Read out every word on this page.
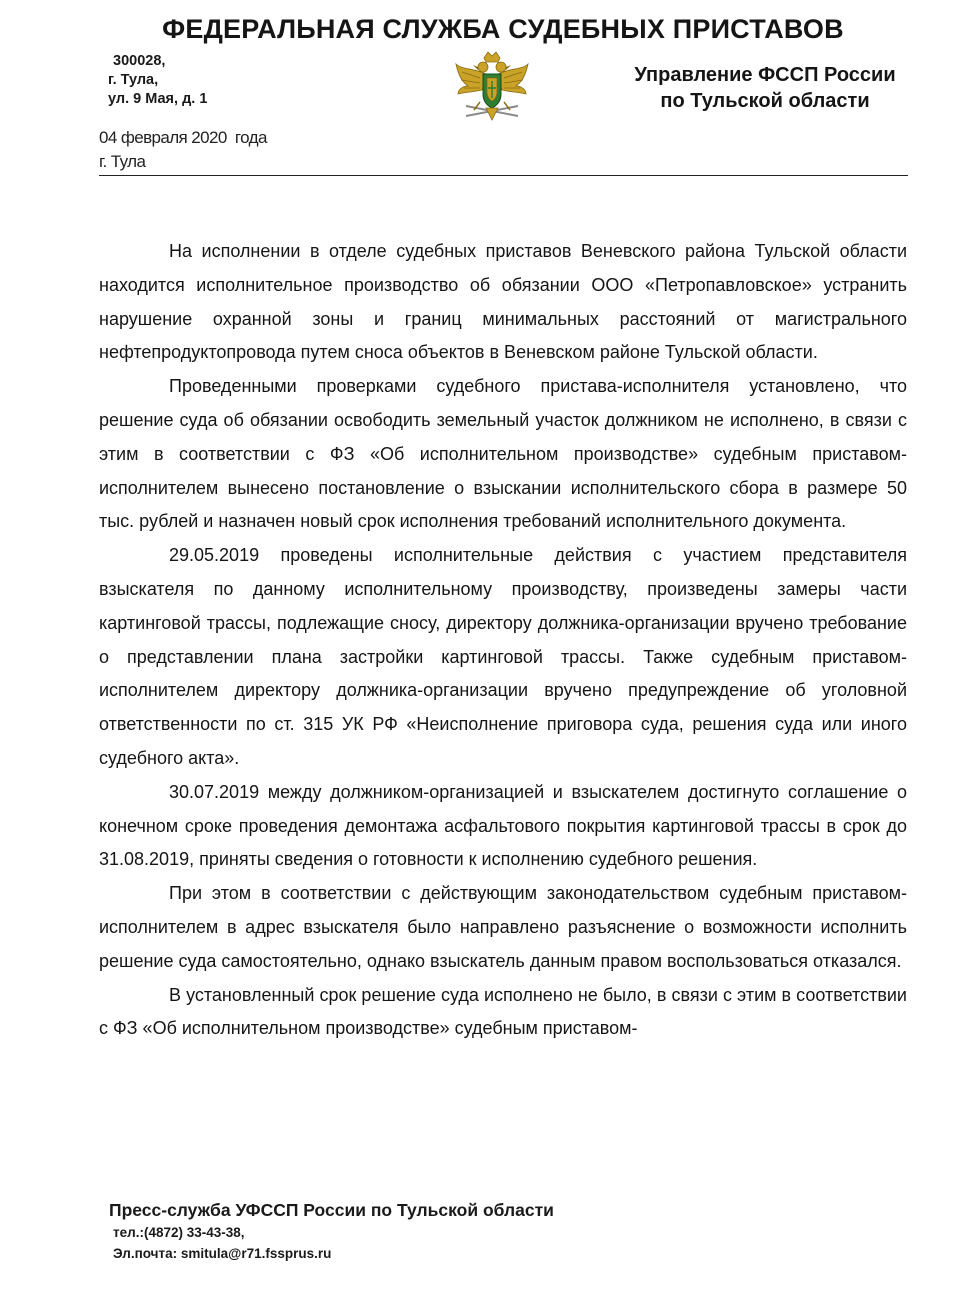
ФЕДЕРАЛЬНАЯ СЛУЖБА СУДЕБНЫХ ПРИСТАВОВ
300028,
г. Тула,
ул. 9 Мая, д. 1
Управление ФССП России
по Тульской области
04 февраля 2020  года
г. Тула

На исполнении в отделе судебных приставов Веневского района Тульской области находится исполнительное производство об обязании ООО «Петропавловское» устранить нарушение охранной зоны и границ минимальных расстояний от магистрального нефтепродуктопровода путем сноса объектов в Веневском районе Тульской области.

Проведенными проверками судебного пристава-исполнителя установлено, что решение суда об обязании освободить земельный участок должником не исполнено, в связи с этим в соответствии с ФЗ «Об исполнительном производстве» судебным приставом-исполнителем вынесено постановление о взыскании исполнительского сбора в размере 50 тыс. рублей и назначен новый срок исполнения требований исполнительного документа.

29.05.2019 проведены исполнительные действия с участием представителя взыскателя по данному исполнительному производству, произведены замеры части картинговой трассы, подлежащие сносу, директору должника-организации вручено требование о представлении плана застройки картинговой трассы. Также судебным приставом-исполнителем директору должника-организации вручено предупреждение об уголовной ответственности по ст. 315 УК РФ «Неисполнение приговора суда, решения суда или иного судебного акта».

30.07.2019 между должником-организацией и взыскателем достигнуто соглашение о конечном сроке проведения демонтажа асфальтового покрытия картинговой трассы в срок до 31.08.2019, приняты сведения о готовности к исполнению судебного решения.

При этом в соответствии с действующим законодательством судебным приставом-исполнителем в адрес взыскателя было направлено разъяснение о возможности исполнить решение суда самостоятельно, однако взыскатель данным правом воспользоваться отказался.

В установленный срок решение суда исполнено не было, в связи с этим в соответствии с ФЗ «Об исполнительном производстве» судебным приставом-

Пресс-служба УФССП России по Тульской области
тел.:(4872) 33-43-38,
Эл.почта: smitula@r71.fssprus.ru
